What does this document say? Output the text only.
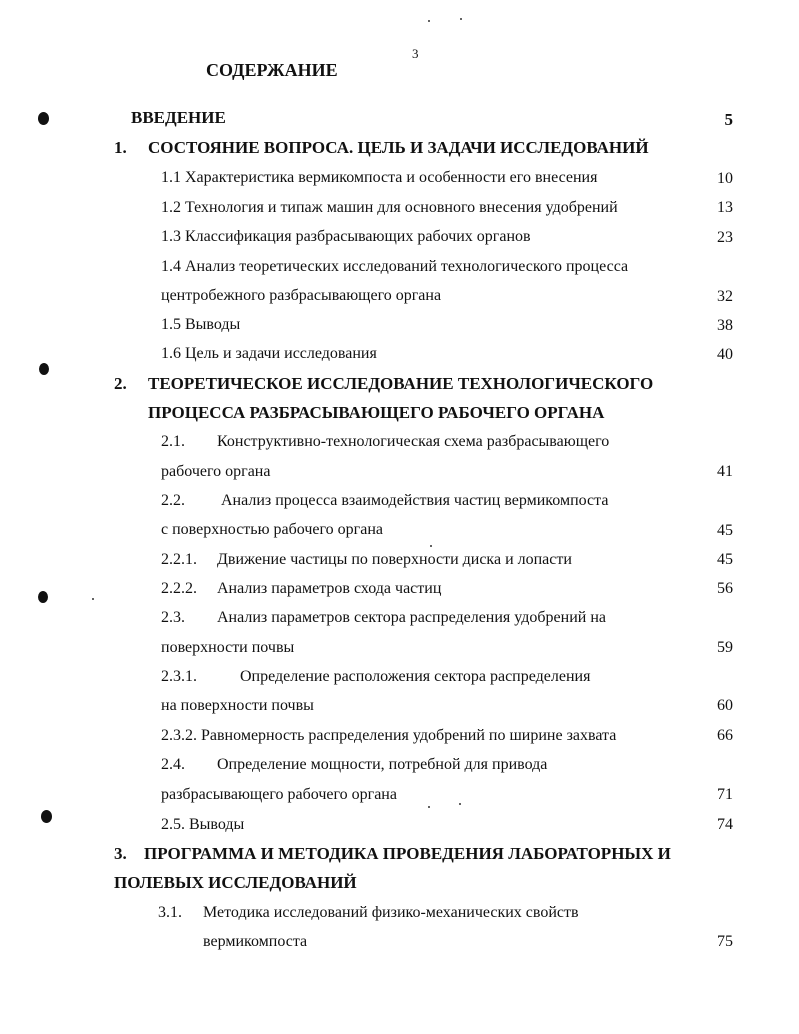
3
СОДЕРЖАНИЕ
ВВЕДЕНИЕ	5
1. СОСТОЯНИЕ ВОПРОСА. ЦЕЛЬ И ЗАДАЧИ ИССЛЕДОВАНИЙ
1.1 Характеристика вермикомпоста и особенности его внесения	10
1.2 Технология и типаж машин для основного внесения удобрений	13
1.3 Классификация разбрасывающих рабочих органов	23
1.4 Анализ теоретических исследований технологического процесса
центробежного разбрасывающего органа	32
1.5 Выводы	38
1.6 Цель и задачи исследования	40
2. ТЕОРЕТИЧЕСКОЕ ИССЛЕДОВАНИЕ ТЕХНОЛОГИЧЕСКОГО
ПРОЦЕССА РАЗБРАСЫВАЮЩЕГО РАБОЧЕГО ОРГАНА
2.1. Конструктивно-технологическая схема разбрасывающего
рабочего органа	41
2.2. Анализ процесса взаимодействия частиц вермикомпоста
с поверхностью рабочего органа	45
2.2.1. Движение частицы по поверхности диска и лопасти	45
2.2.2. Анализ параметров схода частиц	56
2.3. Анализ параметров сектора распределения удобрений на
поверхности почвы	59
2.3.1.	Определение расположения сектора распределения
на поверхности почвы	60
2.3.2. Равномерность распределения удобрений по ширине захвата	66
2.4. Определение мощности, потребной для привода
разбрасывающего рабочего органа	71
2.5. Выводы	74
3. ПРОГРАММА И МЕТОДИКА ПРОВЕДЕНИЯ ЛАБОРАТОРНЫХ И
ПОЛЕВЫХ ИССЛЕДОВАНИЙ
3.1. Методика исследований физико-механических свойств
вермикомпоста	75
